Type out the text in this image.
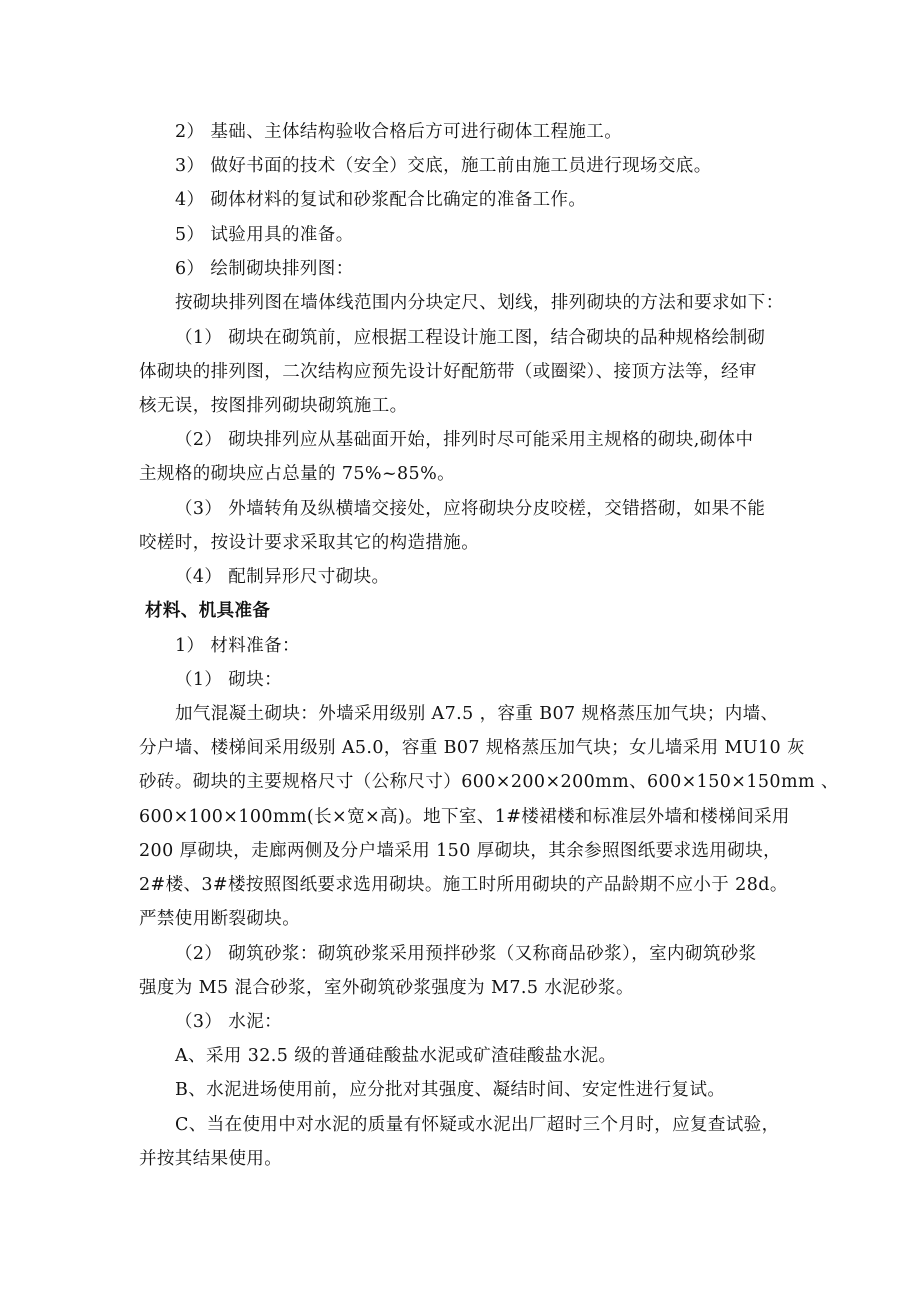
2） 基础、主体结构验收合格后方可进行砌体工程施工。
3） 做好书面的技术（安全）交底，施工前由施工员进行现场交底。
4） 砌体材料的复试和砂浆配合比确定的准备工作。
5） 试验用具的准备。
6） 绘制砌块排列图：
按砌块排列图在墙体线范围内分块定尺、划线，排列砌块的方法和要求如下：
（1） 砌块在砌筑前，应根据工程设计施工图，结合砌块的品种规格绘制砌
体砌块的排列图，二次结构应预先设计好配筋带（或圈梁）、接顶方法等，经审
核无误，按图排列砌块砌筑施工。
（2） 砌块排列应从基础面开始，排列时尽可能采用主规格的砌块,砌体中
主规格的砌块应占总量的 75%~85%。
（3） 外墙转角及纵横墙交接处，应将砌块分皮咬槎，交错搭砌，如果不能
咬槎时，按设计要求采取其它的构造措施。
（4） 配制异形尺寸砌块。
材料、机具准备
1） 材料准备：
（1） 砌块：
加气混凝土砌块：外墙采用级别 A7.5 ，容重 B07 规格蒸压加气块；内墙、
分户墙、楼梯间采用级别 A5.0，容重 B07 规格蒸压加气块；女儿墙采用 MU10 灰
砂砖。砌块的主要规格尺寸（公称尺寸）600×200×200mm、600×150×150mm 、
600×100×100mm(长×宽×高)。地下室、1#楼裙楼和标准层外墙和楼梯间采用
200 厚砌块，走廊两侧及分户墙采用 150 厚砌块，其余参照图纸要求选用砌块，
2#楼、3#楼按照图纸要求选用砌块。施工时所用砌块的产品龄期不应小于 28d。
严禁使用断裂砌块。
（2） 砌筑砂浆：砌筑砂浆采用预拌砂浆（又称商品砂浆），室内砌筑砂浆
强度为 M5 混合砂浆，室外砌筑砂浆强度为 M7.5 水泥砂浆。
（3） 水泥：
A、采用 32.5 级的普通硅酸盐水泥或矿渣硅酸盐水泥。
B、水泥进场使用前，应分批对其强度、凝结时间、安定性进行复试。
C、当在使用中对水泥的质量有怀疑或水泥出厂超时三个月时，应复查试验，
并按其结果使用。
